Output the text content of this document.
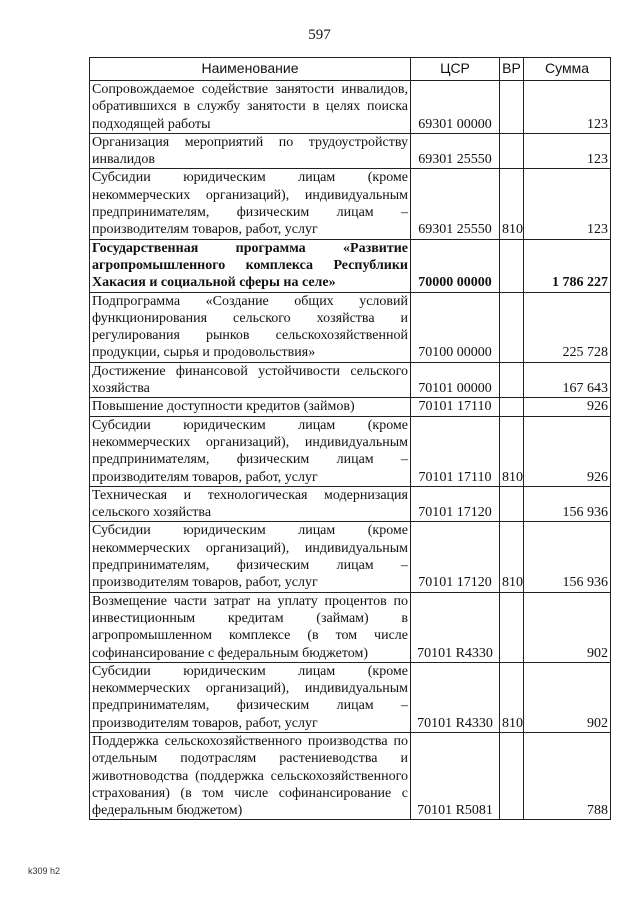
597
Наименование	ЦСР	ВР	Сумма
Сопровождаемое содействие занятости инвалидов, обратившихся в службу занятости в целях поиска подходящей работы	69301 00000		123
Организация мероприятий по трудоустройству инвалидов	69301 25550		123
Субсидии юридическим лицам (кроме некоммерческих организаций), индивидуальным предпринимателям, физическим лицам – производителям товаров, работ, услуг	69301 25550	810	123
Государственная программа «Развитие агропромышленного комплекса Республики Хакасия и социальной сферы на селе»	70000 00000		1 786 227
Подпрограмма «Создание общих условий функционирования сельского хозяйства и регулирования рынков сельскохозяйственной продукции, сырья и продовольствия»	70100 00000		225 728
Достижение финансовой устойчивости сельского хозяйства	70101 00000		167 643
Повышение доступности кредитов (займов)	70101 17110		926
Субсидии юридическим лицам (кроме некоммерческих организаций), индивидуальным предпринимателям, физическим лицам – производителям товаров, работ, услуг	70101 17110	810	926
Техническая и технологическая модернизация сельского хозяйства	70101 17120		156 936
Субсидии юридическим лицам (кроме некоммерческих организаций), индивидуальным предпринимателям, физическим лицам – производителям товаров, работ, услуг	70101 17120	810	156 936
Возмещение части затрат на уплату процентов по инвестиционным кредитам (займам) в агропромышленном комплексе (в том числе софинансирование с федеральным бюджетом)	70101 R4330		902
Субсидии юридическим лицам (кроме некоммерческих организаций), индивидуальным предпринимателям, физическим лицам – производителям товаров, работ, услуг	70101 R4330	810	902
Поддержка сельскохозяйственного производства по отдельным подотраслям растениеводства и животноводства (поддержка сельскохозяйственного страхования) (в том числе софинансирование с федеральным бюджетом)	70101 R5081		788
k309 h2
